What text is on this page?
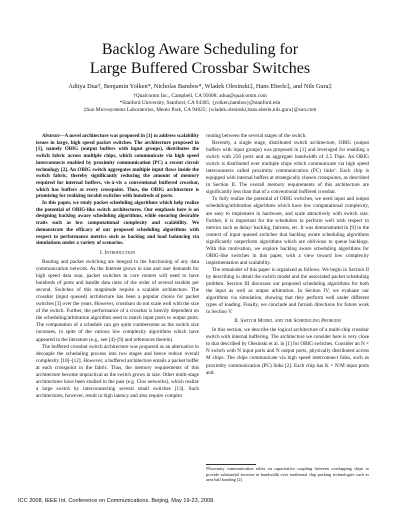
Backlog Aware Scheduling for
Large Buffered Crossbar Switches
Aditya Dua†, Benjamin Yolken*, Nicholas Bambos*, Wladek Olesinski‡, Hans Eberle‡, and Nils Gura‡
†Qualcomm Inc., Campbell, CA 95008; adua@qualcomm.com
*Stanford University, Stanford, CA 94305; {yolken,bambos}@stanford.edu
‡Sun Microsystems Laboratories, Menlo Park, CA 94025; {wladek.olesinski,hans.eberle,nils.gura}@sun.com

Abstract—A novel architecture was proposed in [1] to address scalability issues in large, high speed packet switches. The architecture proposed in [1], namely OBIG (output buffers with input groups), distributes the switch fabric across multiple chips, which communicate via high speed interconnects enabled by proximity communication (PC) a recent circuit technology [2]. An OBIG switch aggregates multiple input flows inside the switch fabric, thereby significantly reducing the amount of memory required for internal buffers, vis-à-vis a conventional buffered crossbar, which has buffers at every crosspoint. Thus, the OBIG architecture is promising for realizing terabit switches with hundreds of ports.

In this paper, we study packet scheduling algorithms which help realize the potential of OBIG-like switch architectures. Our emphasis here is on designing backlog aware scheduling algorithms, while ensuring desirable traits such as low computational complexity and scalability. We demonstrate the efficacy of our proposed scheduling algorithms with respect to performance metrics such as backlog and load balancing via simulations under a variety of scenarios.

I. Introduction

Routing and packet switching are integral to the functioning of any data communication network. As the Internet grows in size and user demands for high speed data soar, packet switches in core routers will need to have hundreds of ports and handle data rates of the order of several terabits per second. Switches of this magnitude require a scalable architecture. The crossbar (input queued) architecture has been a popular choice for packet switches [3] over the years. However, crossbars do not scale well with the size of the switch. Further, the performance of a crossbar is heavily dependent on the scheduling/arbitration algorithm used to match input ports to output ports. The computation of a schedule can get quite cumbersome as the switch size increases, in spite of the various low complexity algorithms which have appeared in the literature (e.g., see [4]–[9] and references therein).

The buffered crossbar switch architecture was proposed as an alternative to decouple the scheduling process into two stages and hence reduce overall complexity [10]–[12]. However, a buffered architecture entails a packet buffer at each crosspoint in the fabric. Thus, the memory requirements of this architecture become impractical as the switch grows in size. Other multi-stage architectures have been studied in the past (e.g. Clos networks), which realize a large switch by interconnecting several small switches [13]. Such architectures, however, result in high latency and also require complex

routing between the several stages of the switch.

Recently, a single stage, distributed switch architecture, OBIG (output buffers with input groups) was proposed in [1] and leveraged for enabling a switch with 256 ports and an aggregate bandwidth of 2.5 Tbps. An OBIG switch is distributed over multiple chips which communicate via high speed interconnects called proximity communication (PC) links¹. Each chip is equipped with internal buffers at strategically chosen crosspoints, as described in Section II. The overall memory requirements of this architecture are significantly less than that of a conventional buffered crossbar.

To fully realize the potential of OBIG switches, we need input and output scheduling/arbitration algorithms which have low computational complexity, are easy to implement in hardware, and scale attractively with switch size. Further, it is important for the schedulers to perform well with respect to metrics such as delay/ backlog, fairness, etc. It was demonstrated in [9] in the context of input queued switches that backlog aware scheduling algorithms significantly outperform algorithms which are oblivious to queue backlogs. With this motivation, we explore backlog aware scheduling algorithms for OBIG-like switches in this paper, with a view toward low complexity implementation and scalability.

The remainder of this paper is organized as follows. We begin in Section II by describing in detail the switch model and the associated packet scheduling problem. Section III discusses our proposed scheduling algorithms for both the input as well as output arbitration. In Section IV, we evaluate our algorithms via simulation, showing that they perform well under different types of loading. Finally, we conclude and furnish directions for future work in Section V.

II. Switch Model and the Scheduling Problem

In this section, we describe the logical architecture of a multi-chip crossbar switch with internal buffering. The architecture we consider here is very close to that described by Olesinski et al. in [1] for OBIG switches. Consider an N × N switch with N input ports and N output ports, physically distributed across M chips. The chips communicate via high speed interconnect links, such as proximity communication (PC) links [2]. Each chip has K = N/M input ports and

¹Proximity communication relies on capacitative coupling between overlapping chips to provide substantial increase in bandwidth over traditional chip packing technologies such as area ball bonding [2].
ICC 2008, IEEE Int. Conference on Communications. Beijing, May 19-23, 2008.
